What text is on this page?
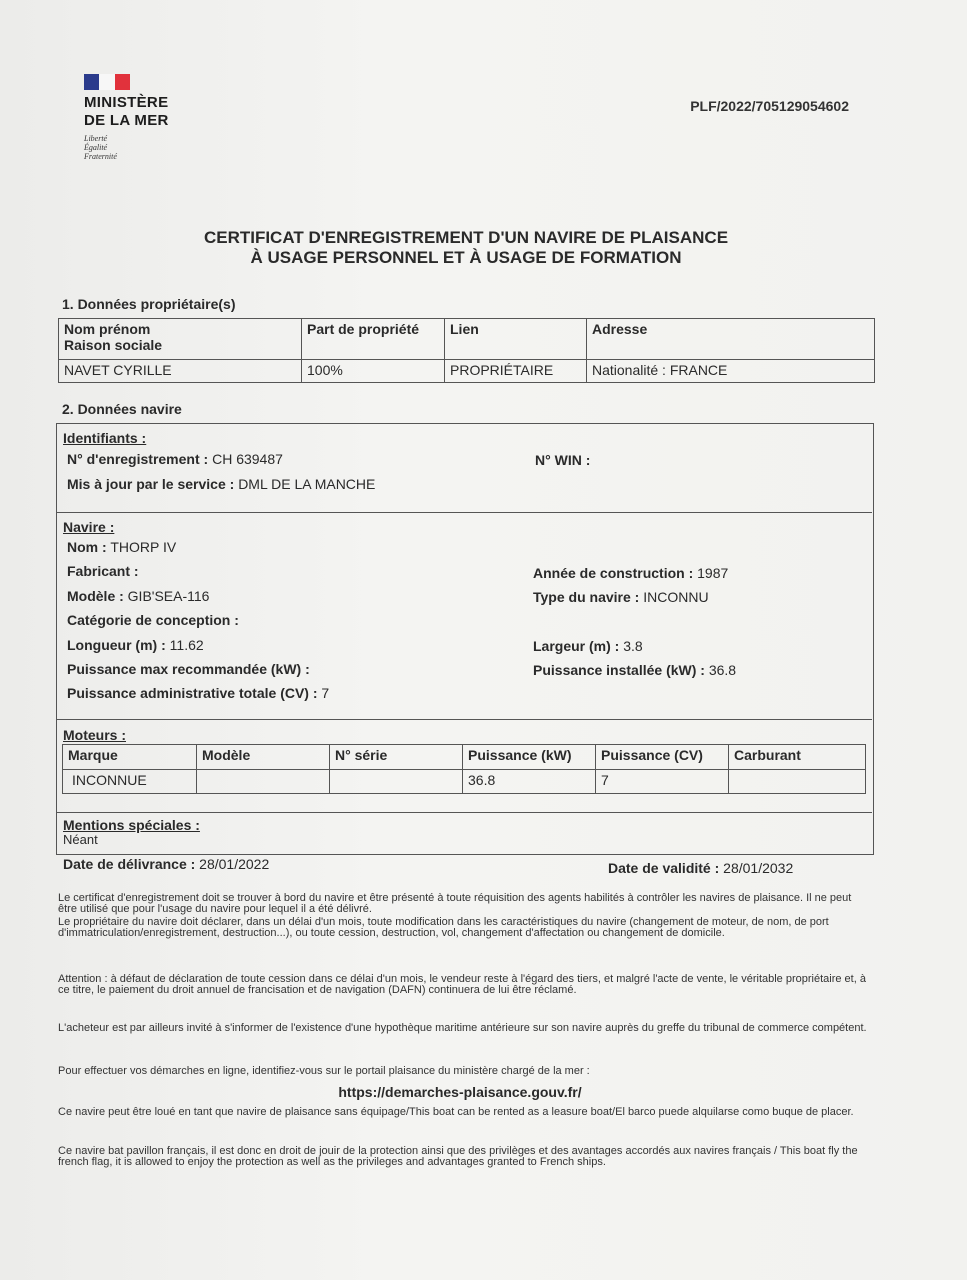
MINISTÈRE
DE LA MER
Liberté
Égalité
Fraternité
PLF/2022/705129054602
CERTIFICAT D'ENREGISTREMENT D'UN NAVIRE DE PLAISANCE
À USAGE PERSONNEL ET À USAGE DE FORMATION
1. Données propriétaire(s)
Nom prénom
Raison sociale	Part de propriété	Lien	Adresse
NAVET CYRILLE	100%	PROPRIÉTAIRE	Nationalité : FRANCE
2. Données navire
Identifiants :
N° d'enregistrement : CH 639487	N° WIN :
Mis à jour par le service : DML DE LA MANCHE
Navire :
Nom : THORP IV
Fabricant :	Année de construction : 1987
Modèle : GIB'SEA-116	Type du navire : INCONNU
Catégorie de conception :
Longueur (m) : 11.62	Largeur (m) : 3.8
Puissance max recommandée (kW) :	Puissance installée (kW) : 36.8
Puissance administrative totale (CV) : 7
Moteurs :
Marque	Modèle	N° série	Puissance (kW)	Puissance (CV)	Carburant
INCONNUE			36.8	7	
Mentions spéciales :
Néant
Date de délivrance : 28/01/2022	Date de validité : 28/01/2032
Le certificat d'enregistrement doit se trouver à bord du navire et être présenté à toute réquisition des agents habilités à contrôler les navires de plaisance. Il ne peut être utilisé que pour l'usage du navire pour lequel il a été délivré.
Le propriétaire du navire doit déclarer, dans un délai d'un mois, toute modification dans les caractéristiques du navire (changement de moteur, de nom, de port d'immatriculation/enregistrement, destruction...), ou toute cession, destruction, vol, changement d'affectation ou changement de domicile.
Attention : à défaut de déclaration de toute cession dans ce délai d'un mois, le vendeur reste à l'égard des tiers, et malgré l'acte de vente, le véritable propriétaire et, à ce titre, le paiement du droit annuel de francisation et de navigation (DAFN) continuera de lui être réclamé.
L'acheteur est par ailleurs invité à s'informer de l'existence d'une hypothèque maritime antérieure sur son navire auprès du greffe du tribunal de commerce compétent.
Pour effectuer vos démarches en ligne, identifiez-vous sur le portail plaisance du ministère chargé de la mer :
https://demarches-plaisance.gouv.fr/
Ce navire peut être loué en tant que navire de plaisance sans équipage/This boat can be rented as a leasure boat/El barco puede alquilarse como buque de placer.
Ce navire bat pavillon français, il est donc en droit de jouir de la protection ainsi que des privilèges et des avantages accordés aux navires français / This boat fly the french flag, it is allowed to enjoy the protection as well as the privileges and advantages granted to French ships.
